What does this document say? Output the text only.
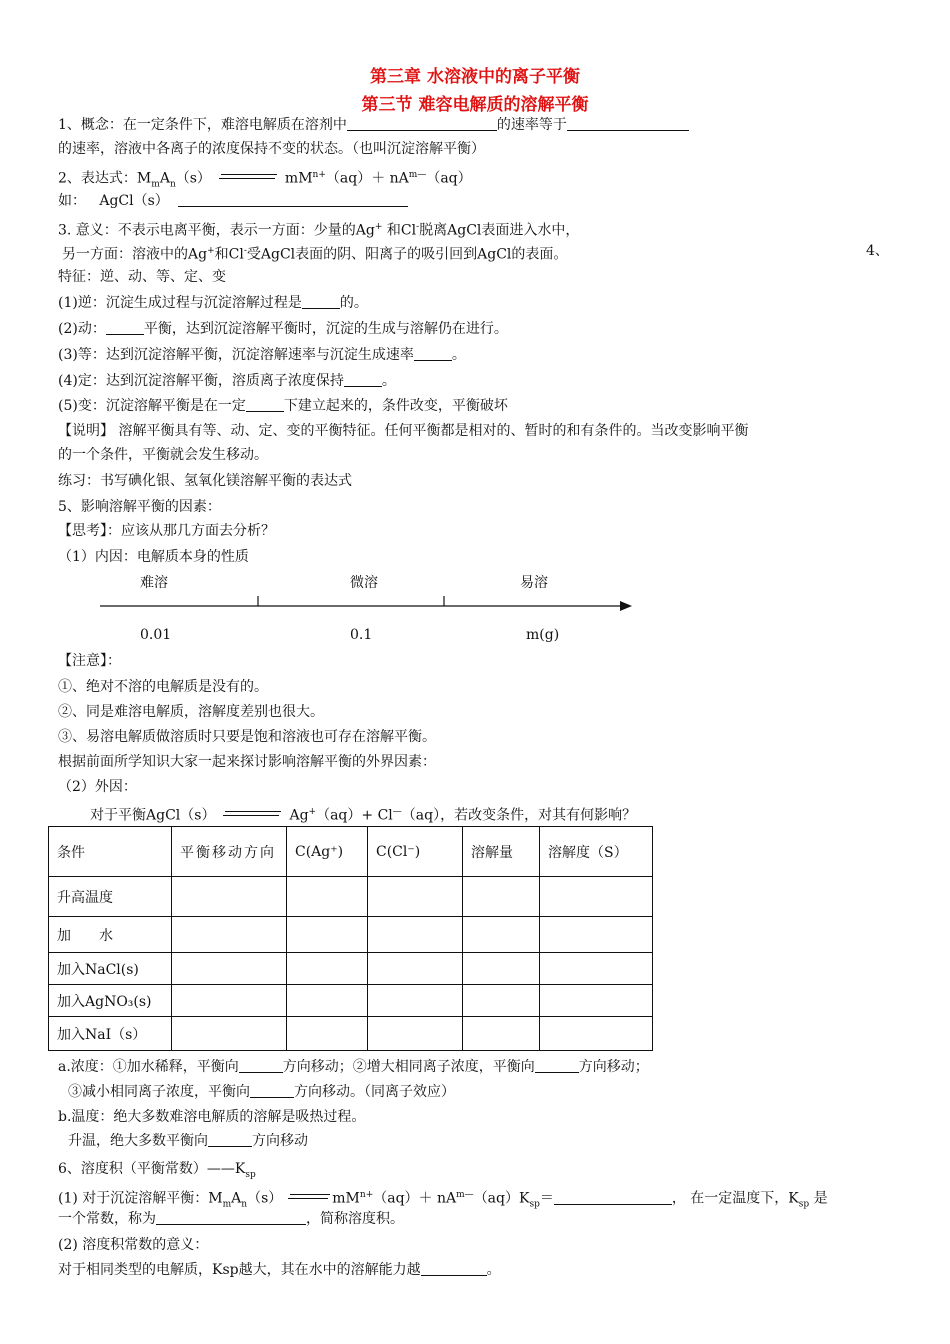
第三章 水溶液中的离子平衡
第三节 难容电解质的溶解平衡
1、概念：在一定条件下，难溶电解质在溶剂中	的速率等于
的速率，溶液中各离子的浓度保持不变的状态。（也叫沉淀溶解平衡）
2、表达式：$M_mA_n(s)$	$mM^{n+}(aq)+ nA^{m—}(aq)$
如： AgCl（s）
3. 意义：不表示电离平衡，表示一方面：少量的Ag+ 和Cl-脱离AgCl表面进入水中，
另一方面：溶液中的Ag+和Cl-受AgCl表面的阴、阳离子的吸引回到AgCl的表面。	4、
特征：逆、动、等、定、变
(1)逆：沉淀生成过程与沉淀溶解过程是	的。
(2)动：	平衡，达到沉淀溶解平衡时，沉淀的生成与溶解仍在进行。
(3)等：达到沉淀溶解平衡，沉淀溶解速率与沉淀生成速率	。
(4)定：达到沉淀溶解平衡，溶质离子浓度保持	。
(5)变：沉淀溶解平衡是在一定	下建立起来的，条件改变，平衡破坏
【说明】 溶解平衡具有等、动、定、变的平衡特征。任何平衡都是相对的、暂时的和有条件的。当改变影响平衡
的一个条件，平衡就会发生移动。
练习：书写碘化银、氢氧化镁溶解平衡的表达式
5、影响溶解平衡的因素：
【思考】：应该从那几方面去分析？
（1）内因：电解质本身的性质
难溶	微溶	易溶
0.01	0.1	m(g)
【注意】：
①、绝对不溶的电解质是没有的。
②、同是难溶电解质，溶解度差别也很大。
③、易溶电解质做溶质时只要是饱和溶液也可存在溶解平衡。
根据前面所学知识大家一起来探讨影响溶解平衡的外界因素：
（2）外因：
对于平衡AgCl（s）	Ag+（aq）+ Cl—（aq），若改变条件，对其有何影响？
条件	平衡移动方向	C(Ag⁺)	C(Cl⁻)	溶解量	溶解度（S）
升高温度					
加　　水					
加入NaCl(s)					
加入AgNO₃(s)					
加入NaI（s）					
a.浓度：①加水稀释，平衡向	方向移动；②增大相同离子浓度，平衡向	方向移动；
③减小相同离子浓度，平衡向	方向移动。（同离子效应）
b.温度：绝大多数难溶电解质的溶解是吸热过程。
升温，绝大多数平衡向	方向移动
6、溶度积（平衡常数）$——K_{sp}$
(1) 对于沉淀溶解平衡：$M_mA_n(s)$	$mM^{n+}(aq)+ nA^{m—}(aq)K_{sp}=$	， 在一定温度下，$K_{sp}$ 是
一个常数，称为	，简称溶度积。
(2) 溶度积常数的意义：
对于相同类型的电解质，Ksp越大，其在水中的溶解能力越	。
